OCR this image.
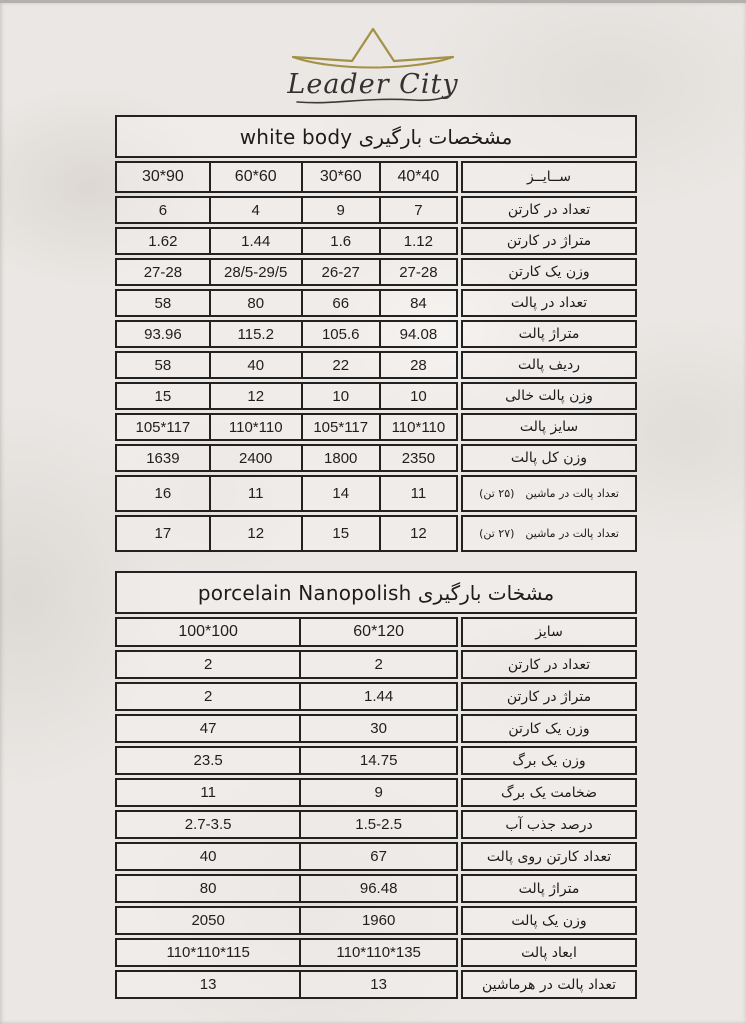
Leader City
مشخصات بارگیری white body
30*90	60*60	30*60	40*40	ســايــز
6	4	9	7	تعداد در کارتن
1.62	1.44	1.6	1.12	متراژ در کارتن
27-28	28/5-29/5	26-27	27-28	وزن یک کارتن
58	80	66	84	تعداد در پالت
93.96	115.2	105.6	94.08	متراژ پالت
58	40	22	28	ردیف پالت
15	12	10	10	وزن پالت خالی
105*117	110*110	105*117	110*110	سایز پالت
1639	2400	1800	2350	وزن کل پالت
16	11	14	11	تعداد پالت در ماشین  (۲۵ تن)
17	12	15	12	تعداد پالت در ماشین  (۲۷ تن)
مشخات بارگیری porcelain Nanopolish
100*100	60*120	سایز
2	2	تعداد در کارتن
2	1.44	متراژ در کارتن
47	30	وزن یک کارتن
23.5	14.75	وزن یک برگ
11	9	ضخامت یک برگ
2.7-3.5	1.5-2.5	درصد جذب آب
40	67	تعداد کارتن روی پالت
80	96.48	متراژ پالت
2050	1960	وزن یک پالت
110*110*115	110*110*135	ابعاد پالت
13	13	تعداد پالت در هرماشین
